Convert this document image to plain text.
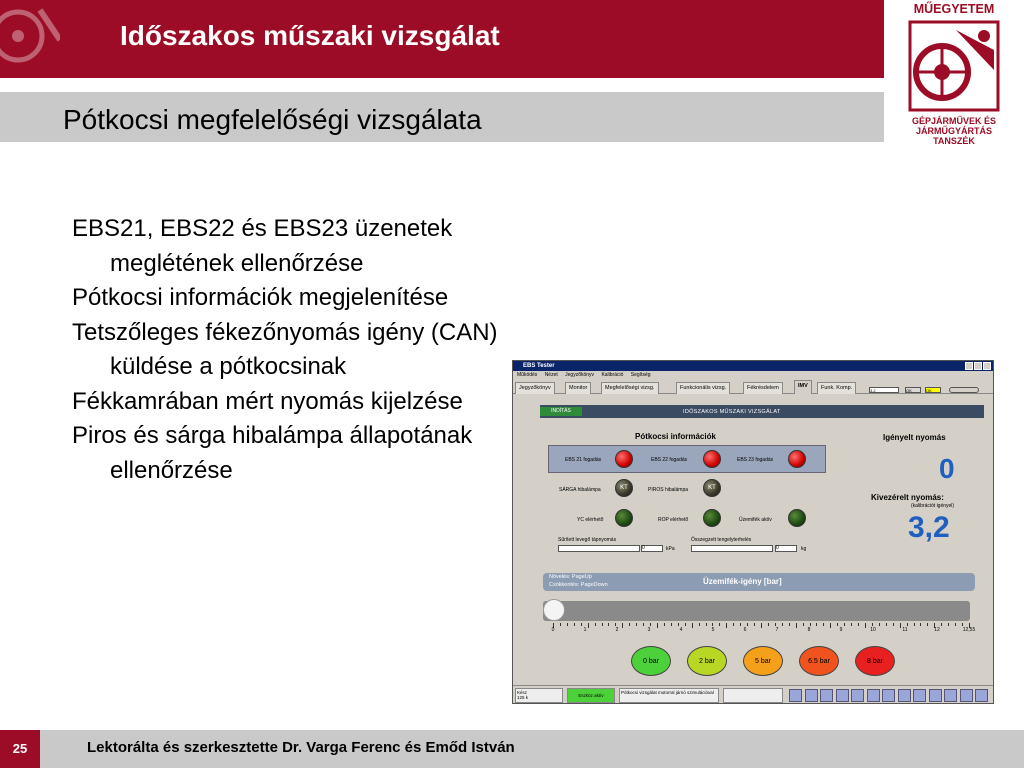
Időszakos műszaki vizsgálat
MŰEGYETEM
GÉPJÁRMŰVEK ÉS
JÁRMŰGYÁRTÁS
TANSZÉK
Pótkocsi megfelelőségi vizsgálata
EBS21, EBS22 és EBS23 üzenetek meglétének ellenőrzése
Pótkocsi információk megjelenítése
Tetszőleges fékezőnyomás igény (CAN) küldése a pótkocsinak
Fékkamrában mért nyomás kijelzése
Piros és sárga hibalámpa állapotának ellenőrzése
EBS Tester
Működés Nézet Jegyzőkönyv Kalibráció Segítség
Jegyzőkönyv	Monitor	Megfelelőségi vizsg.	Funkcionális vizsg.	Fékrésdelem	IMV	Funk. Komp.	3,2	OK	OK
INDÍTÁS	IDŐSZAKOS MŰSZAKI VIZSGÁLAT
Pótkocsi információk
EBS 21 fogadás	EBS 22 fogadás	EBS 23 fogadás
SÁRGA hibalámpa	KT	PIROS hibalámpa	KT
YC elérhető	ROP elérhető	Üzemifék aktív
Sűrített levegő tápnyomás
0	kPa
Összegzett tengelyterhelés
0	kg
Igényelt nyomás
0
Kivezérelt nyomás:
(kalibrációt igényel)
3,2
Növelés: PageUp
Csökkentés: PageDown	Üzemifék-igény [bar]
0 bar	2 bar	5 bar	6.5 bar	8 bar
Kész
125 k	Eszköz aktív
Pótkocsi vizsgálat motorral járnó szimulációval
0	1	2	3	4	5	6	7	8	9	10	11	12	12,55
25	Lektorálta és szerkesztette Dr. Varga Ferenc és Emőd István
